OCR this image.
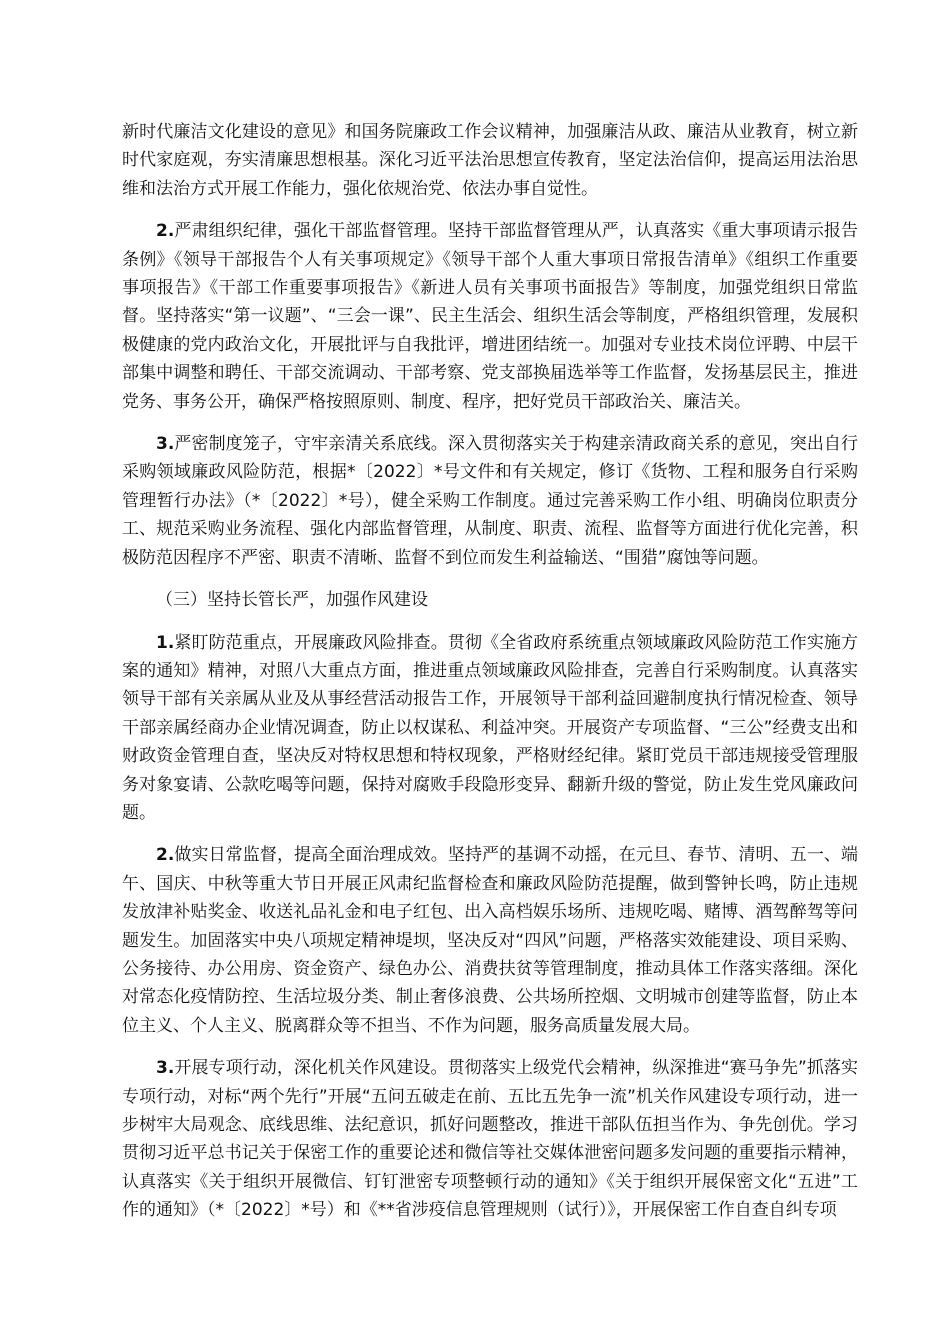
新时代廉洁文化建设的意见》和国务院廉政工作会议精神，加强廉洁从政、廉洁从业教育，树立新时代家庭观，夯实清廉思想根基。深化习近平法治思想宣传教育，坚定法治信仰，提高运用法治思维和法治方式开展工作能力，强化依规治党、依法办事自觉性。

2.严肃组织纪律，强化干部监督管理。坚持干部监督管理从严，认真落实《重大事项请示报告条例》《领导干部报告个人有关事项规定》《领导干部个人重大事项日常报告清单》《组织工作重要事项报告》《干部工作重要事项报告》《新进人员有关事项书面报告》等制度，加强党组织日常监督。坚持落实“第一议题”、“三会一课”、民主生活会、组织生活会等制度，严格组织管理，发展积极健康的党内政治文化，开展批评与自我批评，增进团结统一。加强对专业技术岗位评聘、中层干部集中调整和聘任、干部交流调动、干部考察、党支部换届选举等工作监督，发扬基层民主，推进党务、事务公开，确保严格按照原则、制度、程序，把好党员干部政治关、廉洁关。

3.严密制度笼子，守牢亲清关系底线。深入贯彻落实关于构建亲清政商关系的意见，突出自行采购领域廉政风险防范，根据*〔2022〕*号文件和有关规定，修订《货物、工程和服务自行采购管理暂行办法》（*〔2022〕*号），健全采购工作制度。通过完善采购工作小组、明确岗位职责分工、规范采购业务流程、强化内部监督管理，从制度、职责、流程、监督等方面进行优化完善，积极防范因程序不严密、职责不清晰、监督不到位而发生利益输送、“围猎”腐蚀等问题。

（三）坚持长管长严，加强作风建设

1.紧盯防范重点，开展廉政风险排查。贯彻《全省政府系统重点领域廉政风险防范工作实施方案的通知》精神，对照八大重点方面，推进重点领域廉政风险排查，完善自行采购制度。认真落实领导干部有关亲属从业及从事经营活动报告工作，开展领导干部利益回避制度执行情况检查、领导干部亲属经商办企业情况调查，防止以权谋私、利益冲突。开展资产专项监督、“三公”经费支出和财政资金管理自查，坚决反对特权思想和特权现象，严格财经纪律。紧盯党员干部违规接受管理服务对象宴请、公款吃喝等问题，保持对腐败手段隐形变异、翻新升级的警觉，防止发生党风廉政问题。

2.做实日常监督，提高全面治理成效。坚持严的基调不动摇，在元旦、春节、清明、五一、端午、国庆、中秋等重大节日开展正风肃纪监督检查和廉政风险防范提醒，做到警钟长鸣，防止违规发放津补贴奖金、收送礼品礼金和电子红包、出入高档娱乐场所、违规吃喝、赌博、酒驾醉驾等问题发生。加固落实中央八项规定精神堤坝，坚决反对“四风”问题，严格落实效能建设、项目采购、公务接待、办公用房、资金资产、绿色办公、消费扶贫等管理制度，推动具体工作落实落细。深化对常态化疫情防控、生活垃圾分类、制止奢侈浪费、公共场所控烟、文明城市创建等监督，防止本位主义、个人主义、脱离群众等不担当、不作为问题，服务高质量发展大局。

3.开展专项行动，深化机关作风建设。贯彻落实上级党代会精神，纵深推进“赛马争先”抓落实专项行动，对标“两个先行”开展“五问五破走在前、五比五先争一流”机关作风建设专项行动，进一步树牢大局观念、底线思维、法纪意识，抓好问题整改，推进干部队伍担当作为、争先创优。学习贯彻习近平总书记关于保密工作的重要论述和微信等社交媒体泄密问题多发问题的重要指示精神，认真落实《关于组织开展微信、钉钉泄密专项整顿行动的通知》《关于组织开展保密文化“五进”工作的通知》（*〔2022〕*号）和《**省涉疫信息管理规则（试行）》，开展保密工作自查自纠专项
